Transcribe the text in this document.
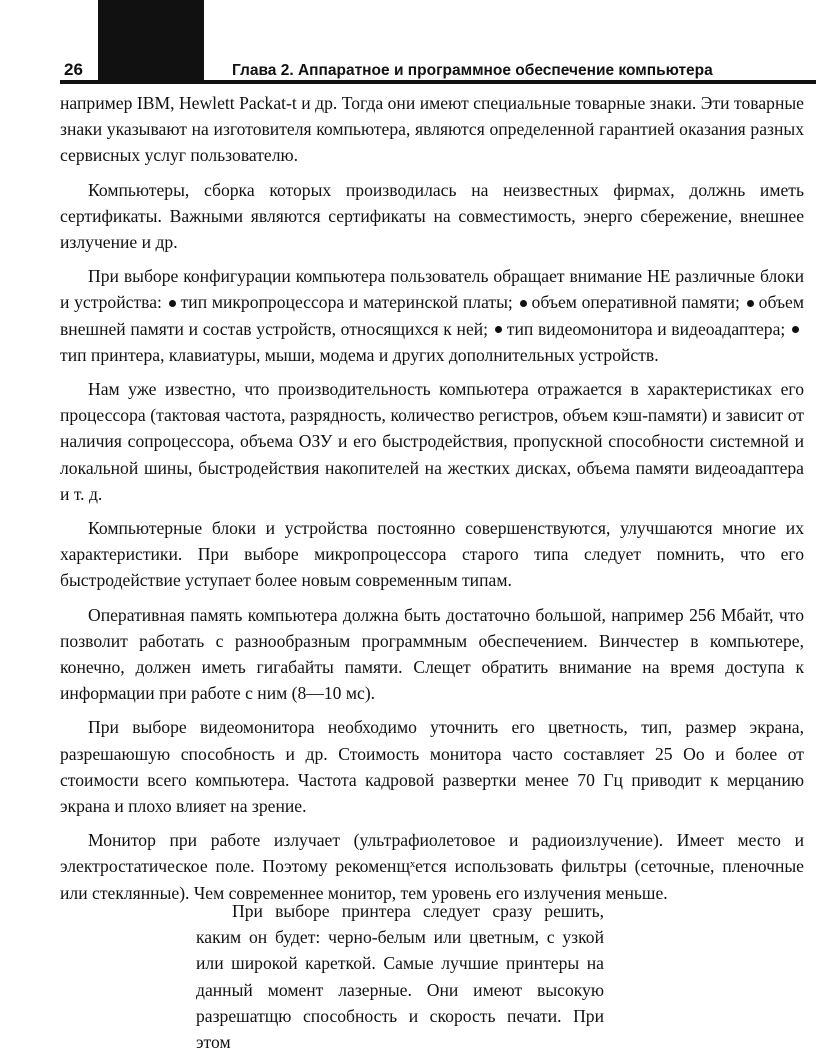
26	Глава 2. Аппаратное и программное обеспечение компьютера

например IBM, Hewlett Packat-t и др. Тогда они имеют специальные товарные знаки. Эти товарные знаки указывают на изготовителя компьютера, являются определенной гарантией оказания разных сервисных услуг пользователю.

Компьютеры, сборка которых производилась на неизвестных фирмах, должнь иметь сертификаты. Важными являются сертификаты на совместимость, энерго сбережение, внешнее излучение и др.

При выборе конфигурации компьютера пользователь обращает внимание НЕ различные блоки и устройства: тип микропроцессора и материнской платы; объем оперативной памяти; объем внешней памяти и состав устройств, относящихся к ней; тип видеомонитора и видеоадаптера; тип принтера, клавиатуры, мыши, модема и других дополнительных устройств.

Нам уже известно, что производительность компьютера отражается в характеристиках его процессора (тактовая частота, разрядность, количество регистров, объем кэш-памяти) и зависит от наличия сопроцессора, объема ОЗУ и его быстродействия, пропускной способности системной и локальной шины, быстродействия накопителей на жестких дисках, объема памяти видеоадаптера и т. д.

Компьютерные блоки и устройства постоянно совершенствуются, улучшаются многие их характеристики. При выборе микропроцессора старого типа следует помнить, что его быстродействие уступает более новым современным типам.

Оперативная память компьютера должна быть достаточно большой, например 256 Мбайт, что позволит работать с разнообразным программным обеспечением. Винчестер в компьютере, конечно, должен иметь гигабайты памяти. Слещет обратить внимание на время доступа к информации при работе с ним (8—10 мс).

При выборе видеомонитора необходимо уточнить его цветность, тип, размер экрана, разрешаюшую способность и др. Стоимость монитора часто составляет 25 Оо и более от стоимости всего компьютера. Частота кадровой развертки менее 70 Гц приводит к мерцанию экрана и плохо влияет на зрение.

Монитор при работе излучает (ультрафиолетовое и радиоизлучение). Имеет место и электростатическое поле. Поэтому рекоменщˣется использовать фильтры (сеточные, пленочные или стеклянные). Чем современнее монитор, тем уровень его излучения меньше.

При выборе принтера следует сразу решить, каким он будет: черно-белым или цветным, с узкой или широкой кареткой. Самые лучшие принтеры на данный момент лазерные. Они имеют высокую разрешатщю способность и скорость печати. При этом
